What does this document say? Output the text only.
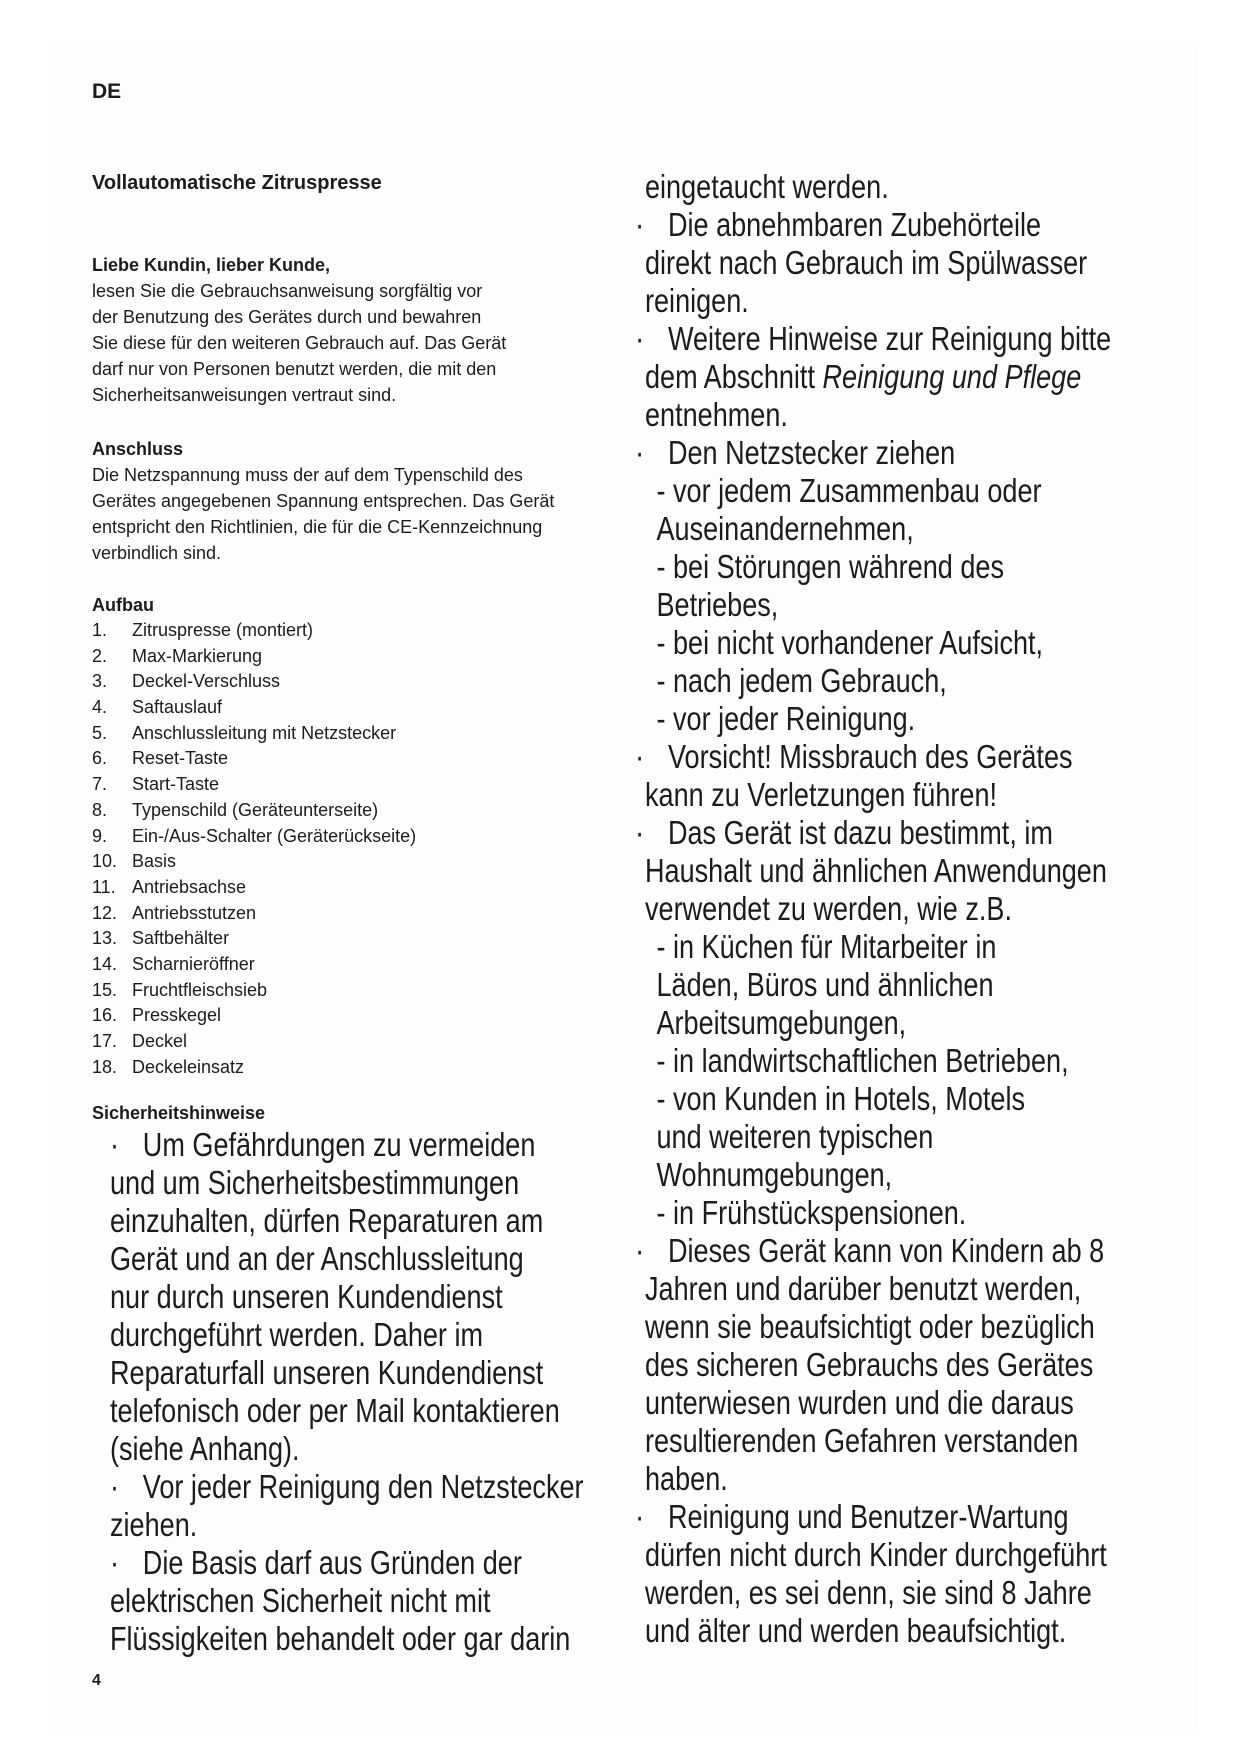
DE
Vollautomatische Zitruspresse
Liebe Kundin, lieber Kunde,
lesen Sie die Gebrauchsanweisung sorgfältig vor
der Benutzung des Gerätes durch und bewahren
Sie diese für den weiteren Gebrauch auf. Das Gerät
darf nur von Personen benutzt werden, die mit den
Sicherheitsanweisungen vertraut sind.
Anschluss
Die Netzspannung muss der auf dem Typenschild des
Gerätes angegebenen Spannung entsprechen. Das Gerät
entspricht den Richtlinien, die für die CE-Kennzeichnung
verbindlich sind.
Aufbau
1. Zitruspresse (montiert)
2. Max-Markierung
3. Deckel-Verschluss
4. Saftauslauf
5. Anschlussleitung mit Netzstecker
6. Reset-Taste
7. Start-Taste
8. Typenschild (Geräteunterseite)
9. Ein-/Aus-Schalter (Geräterückseite)
10. Basis
11. Antriebsachse
12. Antriebsstutzen
13. Saftbehälter
14. Scharnieröffner
15. Fruchtfleischsieb
16. Presskegel
17. Deckel
18. Deckeleinsatz
Sicherheitshinweise
· Um Gefährdungen zu vermeiden

und um Sicherheitsbestimmungen

einzuhalten, dürfen Reparaturen am

Gerät und an der Anschlussleitung

nur durch unseren Kundendienst

durchgeführt werden. Daher im

Reparaturfall unseren Kundendienst

telefonisch oder per Mail kontaktieren

(siehe Anhang).

· Vor jeder Reinigung den Netzstecker

ziehen.

· Die Basis darf aus Gründen der

elektrischen Sicherheit nicht mit

Flüssigkeiten behandelt oder gar darin

eingetaucht werden.

· Die abnehmbaren Zubehörteile

direkt nach Gebrauch im Spülwasser

reinigen.

· Weitere Hinweise zur Reinigung bitte

dem Abschnitt Reinigung und Pflege

entnehmen.

· Den Netzstecker ziehen

- vor jedem Zusammenbau oder

Auseinandernehmen,

- bei Störungen während des

Betriebes,

- bei nicht vorhandener Aufsicht,

- nach jedem Gebrauch,

- vor jeder Reinigung.

· Vorsicht! Missbrauch des Gerätes

kann zu Verletzungen führen!

· Das Gerät ist dazu bestimmt, im

Haushalt und ähnlichen Anwendungen

verwendet zu werden, wie z.B.

- in Küchen für Mitarbeiter in

Läden, Büros und ähnlichen

Arbeitsumgebungen,

- in landwirtschaftlichen Betrieben,

- von Kunden in Hotels, Motels

und weiteren typischen

Wohnumgebungen,

- in Frühstückspensionen.

· Dieses Gerät kann von Kindern ab 8

Jahren und darüber benutzt werden,

wenn sie beaufsichtigt oder bezüglich

des sicheren Gebrauchs des Gerätes

unterwiesen wurden und die daraus

resultierenden Gefahren verstanden

haben.

· Reinigung und Benutzer-Wartung

dürfen nicht durch Kinder durchgeführt

werden, es sei denn, sie sind 8 Jahre

und älter und werden beaufsichtigt.

4
